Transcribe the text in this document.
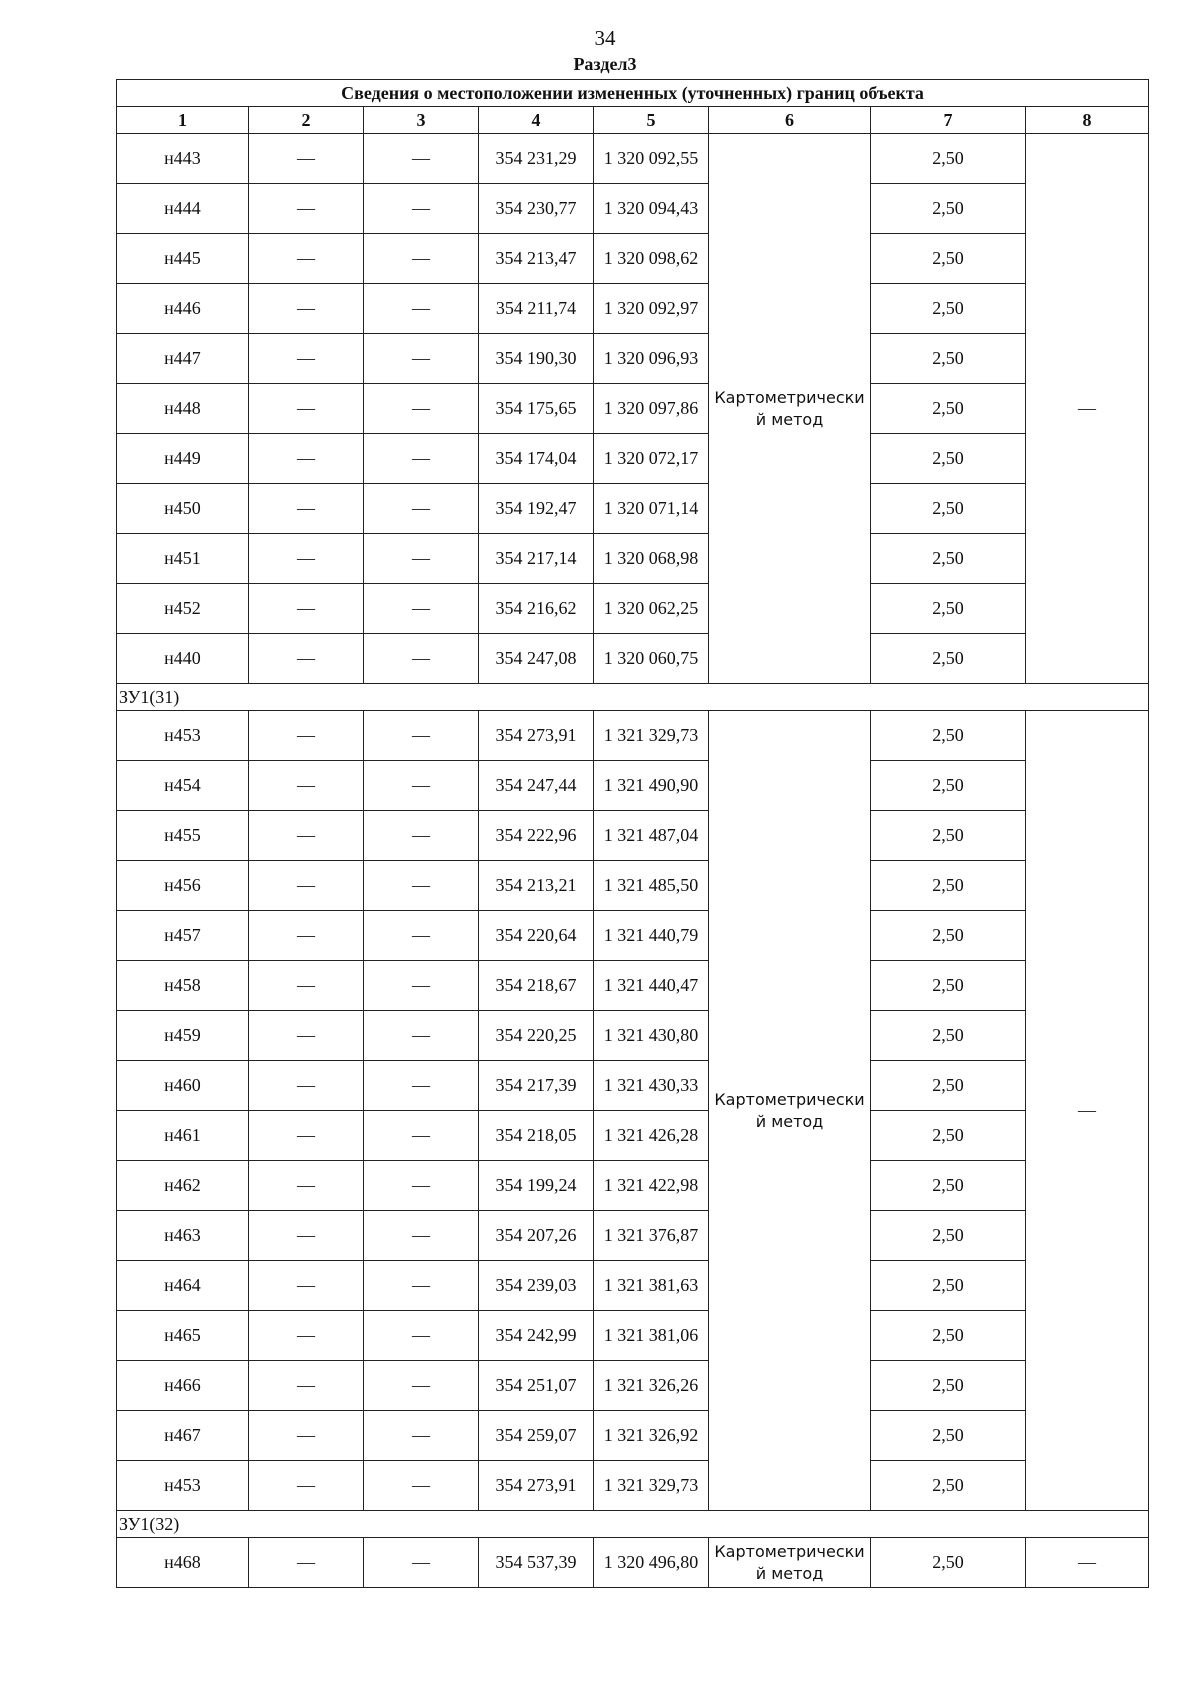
34
Раздел3
Сведения о местоположении измененных (уточненных) границ объекта							
1	2	3	4	5	6	7	8
н443	—	—	354 231,29	1 320 092,55	Картометрически й метод	2,50	—
н444	—	—	354 230,77	1 320 094,43		2,50	
н445	—	—	354 213,47	1 320 098,62		2,50	
н446	—	—	354 211,74	1 320 092,97		2,50	
н447	—	—	354 190,30	1 320 096,93		2,50	
н448	—	—	354 175,65	1 320 097,86		2,50	
н449	—	—	354 174,04	1 320 072,17		2,50	
н450	—	—	354 192,47	1 320 071,14		2,50	
н451	—	—	354 217,14	1 320 068,98		2,50	
н452	—	—	354 216,62	1 320 062,25		2,50	
н440	—	—	354 247,08	1 320 060,75		2,50	
ЗУ1(31)							
н453	—	—	354 273,91	1 321 329,73	Картометрически й метод	2,50	—
н454	—	—	354 247,44	1 321 490,90		2,50	
н455	—	—	354 222,96	1 321 487,04		2,50	
н456	—	—	354 213,21	1 321 485,50		2,50	
н457	—	—	354 220,64	1 321 440,79		2,50	
н458	—	—	354 218,67	1 321 440,47		2,50	
н459	—	—	354 220,25	1 321 430,80		2,50	
н460	—	—	354 217,39	1 321 430,33		2,50	
н461	—	—	354 218,05	1 321 426,28		2,50	
н462	—	—	354 199,24	1 321 422,98		2,50	
н463	—	—	354 207,26	1 321 376,87		2,50	
н464	—	—	354 239,03	1 321 381,63		2,50	
н465	—	—	354 242,99	1 321 381,06		2,50	
н466	—	—	354 251,07	1 321 326,26		2,50	
н467	—	—	354 259,07	1 321 326,92		2,50	
н453	—	—	354 273,91	1 321 329,73		2,50	
ЗУ1(32)							
н468	—	—	354 537,39	1 320 496,80	Картометрически й метод	2,50	—
